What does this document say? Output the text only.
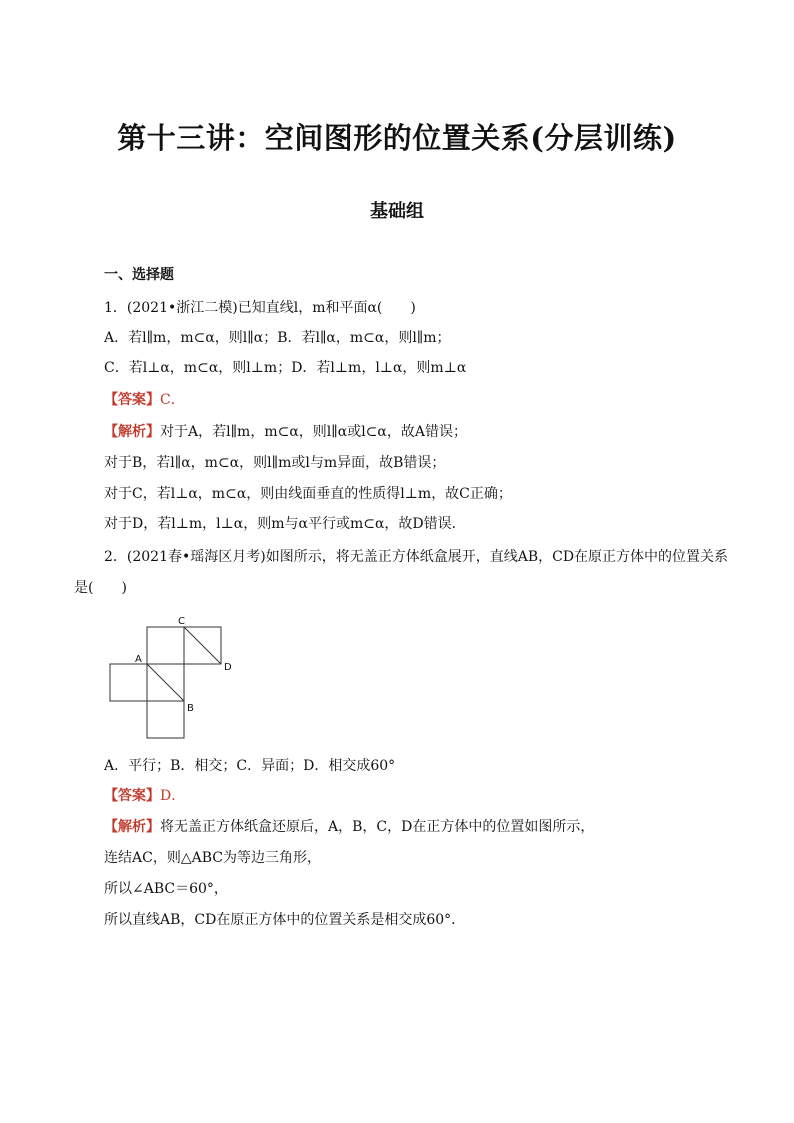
第十三讲：空间图形的位置关系(分层训练)
基础组
一、选择题
1．(2021•浙江二模)已知直线l，m和平面α(　　)
A．若l∥m，m⊂α，则l∥α；B．若l∥α，m⊂α，则l∥m；
C．若l⊥α，m⊂α，则l⊥m；D．若l⊥m，l⊥α，则m⊥α
【答案】C．
【解析】对于A，若l∥m，m⊂α，则l∥α或l⊂α，故A错误；
对于B，若l∥α，m⊂α，则l∥m或l与m异面，故B错误；
对于C，若l⊥α，m⊂α，则由线面垂直的性质得l⊥m，故C正确；
对于D，若l⊥m，l⊥α，则m与α平行或m⊂α，故D错误．
2．(2021春•瑶海区月考)如图所示，将无盖正方体纸盒展开，直线AB，CD在原正方体中的位置关系
是(　　)
C
A
D
B
A．平行；B．相交；C．异面；D．相交成60°
【答案】D．
【解析】将无盖正方体纸盒还原后，A，B，C，D在正方体中的位置如图所示，
连结AC，则△ABC为等边三角形，
所以∠ABC＝60°，
所以直线AB，CD在原正方体中的位置关系是相交成60°．
